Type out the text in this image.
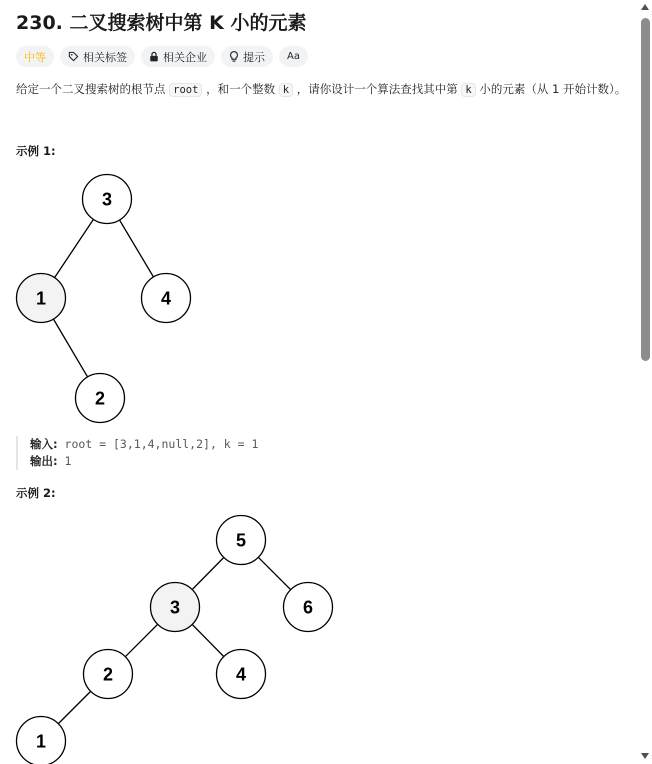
230. 二叉搜索树中第 K 小的元素
中等	相关标签	相关企业	提示 Aa

给定一个二叉搜索树的根节点 root ，和一个整数 k ，请你设计一个算法查找其中第 k 小的元素（从 1 开始计数）。

示例 1:

3
1	4
2
输入: root = [3,1,4,null,2], k = 1
输出: 1

示例 2:

5
3	6
2	4
1
